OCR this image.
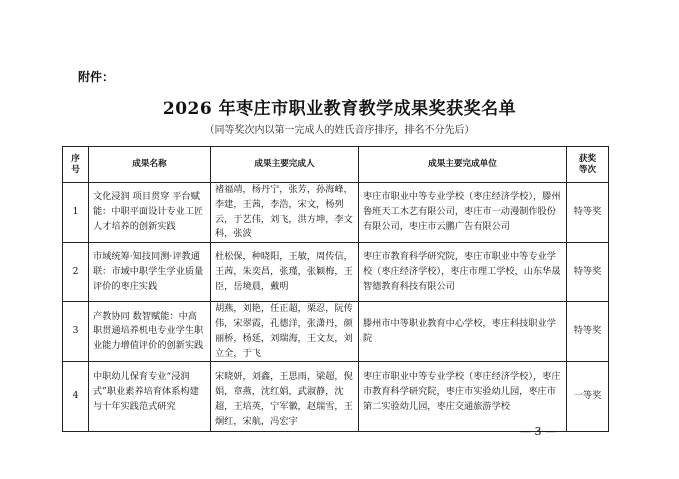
附件：
2026 年枣庄市职业教育教学成果奖获奖名单
（同等奖次内以第一完成人的姓氏音序排序，排名不分先后）
序号	成果名称	成果主要完成人	成果主要完成单位	获奖
等次
1	文化浸润 项目贯穿 平台赋能：中职平面设计专业工匠人才培养的创新实践	褚福靖，杨丹宁，张芳，孙海峰，李建，王茜，李浩，宋文，杨列云，于艺伟，刘飞，洪方坤，李文科，张波	枣庄市职业中等专业学校（枣庄经济学校），滕州鲁班天工木艺有限公司，枣庄市一动漫制作股份有限公司，枣庄市云鹏广告有限公司	特等奖
2	市域统筹·知技同测·评教通联：市域中职学生学业质量评价的枣庄实践	杜松保，种晓阳，王敏，周传信，王茜，朱奕昌，张瑾，张颖梅，王臣，岳境晨，戴明	枣庄市教育科学研究院，枣庄市职业中等专业学校（枣庄经济学校），枣庄市理工学校，山东华晟智德教育科技有限公司	特等奖
3	产教协同 数智赋能：中高职贯通培养机电专业学生职业能力增值评价的创新实践	胡燕，刘艳，任正超，栗忍，阮传伟，宋翠霞，孔德洋，张潇丹，颜丽桥，杨延，刘瑞海，王文友，刘立全，于飞	滕州市中等职业教育中心学校，枣庄科技职业学院	特等奖
4	中职幼儿保育专业“浸润式”职业素养培育体系构建与十年实践范式研究	宋晓妍，刘鑫，王思雨，梁超，倪娟，章燕，沈红娟，武淑静，沈超，王培英，宁军徽，赵瑞雪，王炯红，宋航，冯宏宇	枣庄市职业中等专业学校（枣庄经济学校），枣庄市教育科学研究院，枣庄市实验幼儿园，枣庄市第二实验幼儿园，枣庄交通旅游学校	一等奖
— 3 —
